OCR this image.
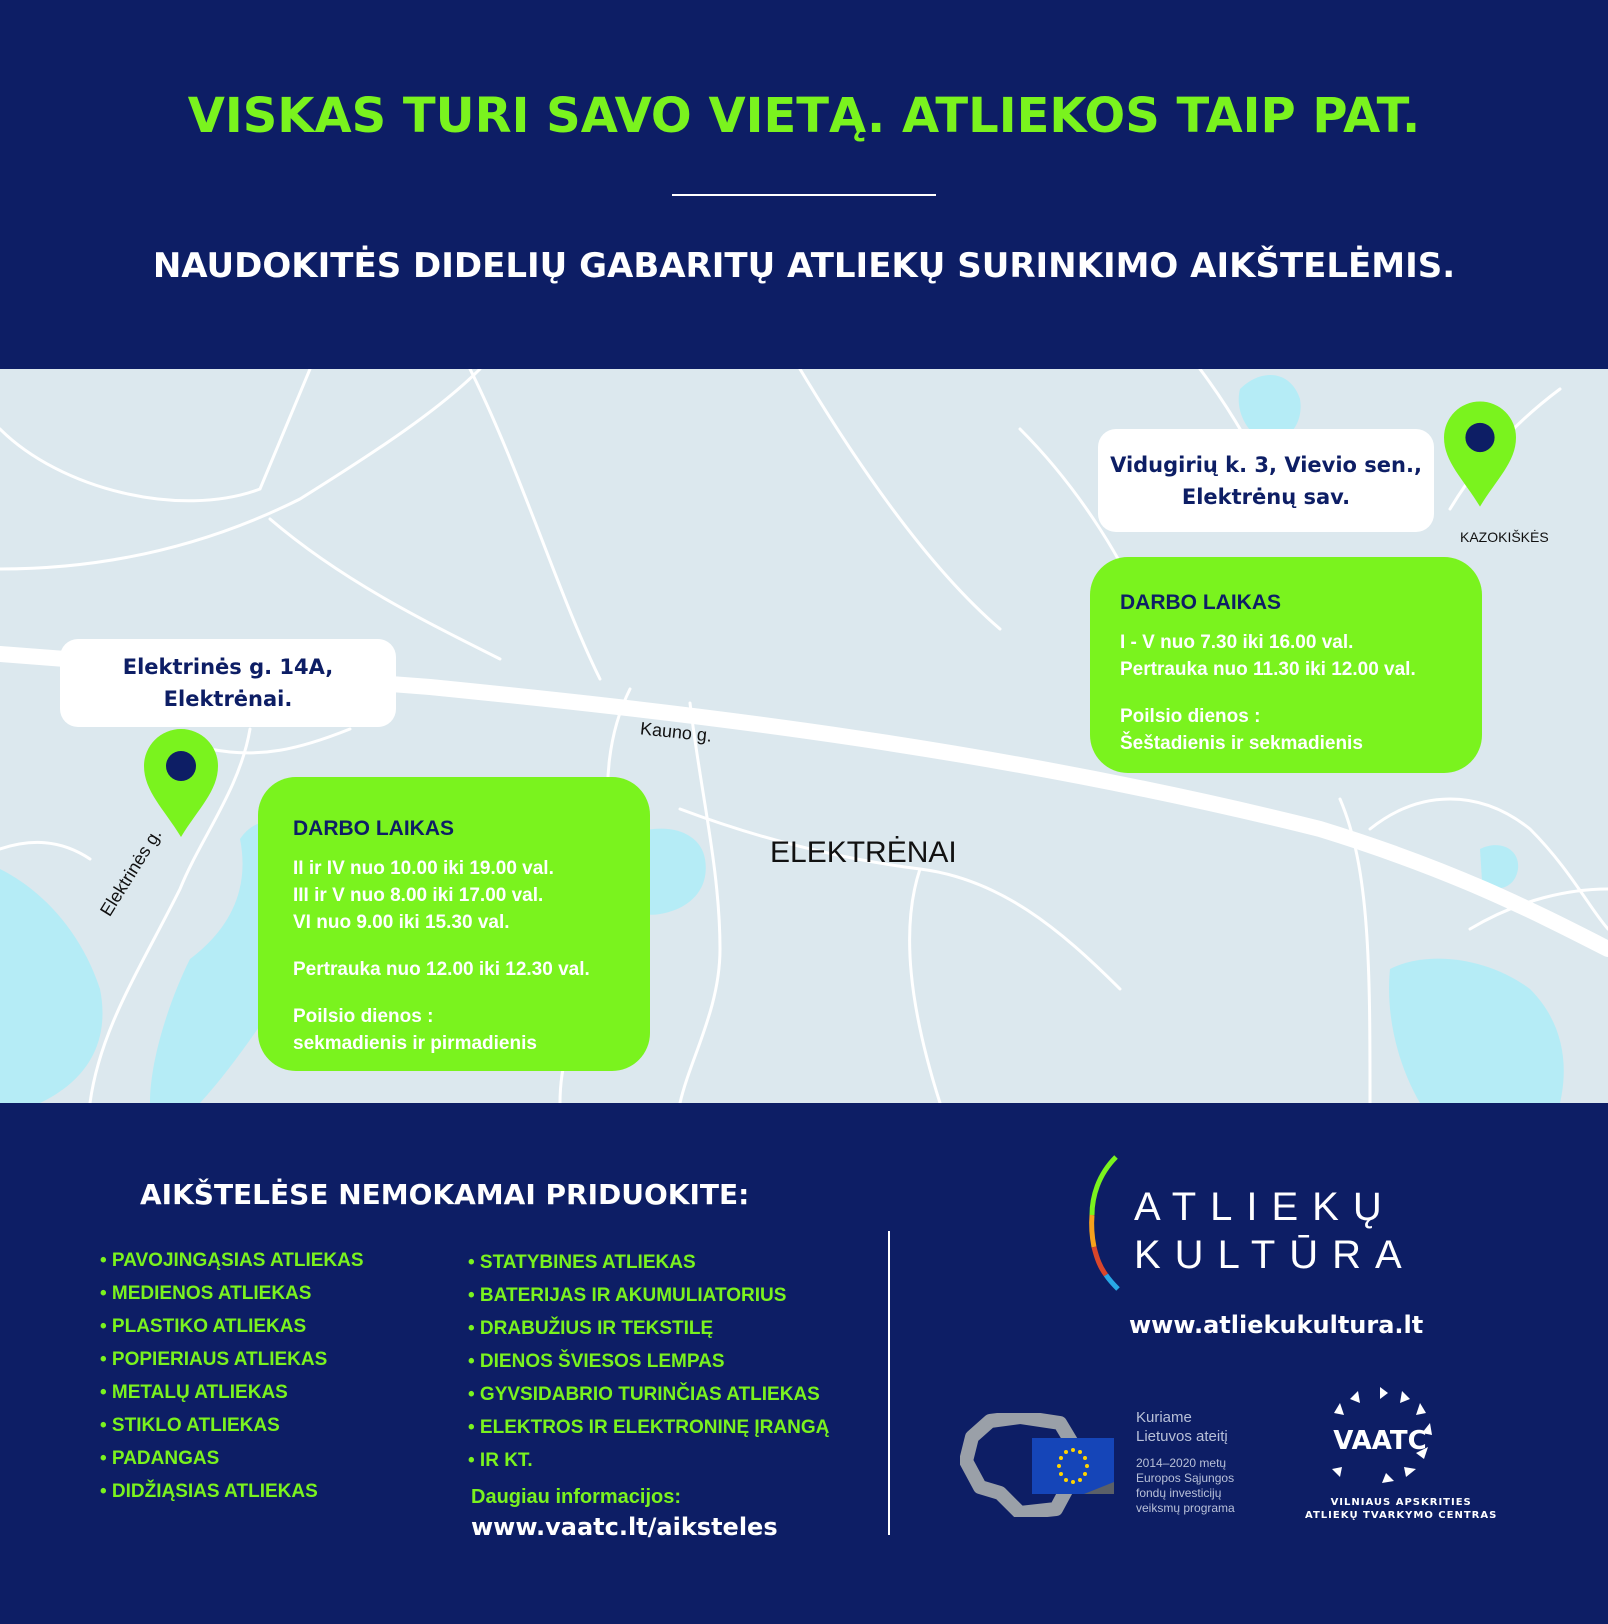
VISKAS TURI SAVO VIETĄ. ATLIEKOS TAIP PAT.
NAUDOKITĖS DIDELIŲ GABARITŲ ATLIEKŲ SURINKIMO AIKŠTELĖMIS.
Kauno g.
Elektrinės g.	ELEKTRĖNAI
KAZOKIŠKĖS
Elektrinės g. 14A,
Elektrėnai.
DARBO LAIKAS
II ir IV nuo 10.00 iki 19.00 val.
III ir V nuo 8.00 iki 17.00 val.
VI nuo 9.00 iki 15.30 val.
Pertrauka nuo 12.00 iki 12.30 val.
Poilsio dienos :
sekmadienis ir pirmadienis
Vidugirių k. 3, Vievio sen.,
Elektrėnų sav.
DARBO LAIKAS
I - V nuo 7.30 iki 16.00 val.
Pertrauka nuo 11.30 iki 12.00 val.
Poilsio dienos :
Šeštadienis ir sekmadienis
AIKŠTELĖSE NEMOKAMAI PRIDUOKITE:
• PAVOJINGĄSIAS ATLIEKAS
• MEDIENOS ATLIEKAS
• PLASTIKO ATLIEKAS
• POPIERIAUS ATLIEKAS
• METALŲ ATLIEKAS
• STIKLO ATLIEKAS
• PADANGAS
• DIDŽIĄSIAS ATLIEKAS
• STATYBINES ATLIEKAS
• BATERIJAS IR AKUMULIATORIUS
• DRABUŽIUS IR TEKSTILĘ
• DIENOS ŠVIESOS LEMPAS
• GYVSIDABRIO TURINČIAS ATLIEKAS
• ELEKTROS IR ELEKTRONINĘ ĮRANGĄ
• IR KT.
Daugiau informacijos:
www.vaatc.lt/aiksteles
ATLIEKŲ
KULTŪRA
www.atliekukultura.lt
Kuriame
Lietuvos ateitį
2014–2020 metų
Europos Sąjungos
fondų investicijų
veiksmų programa
VAATC
VILNIAUS APSKRITIES
ATLIEKŲ TVARKYMO CENTRAS
